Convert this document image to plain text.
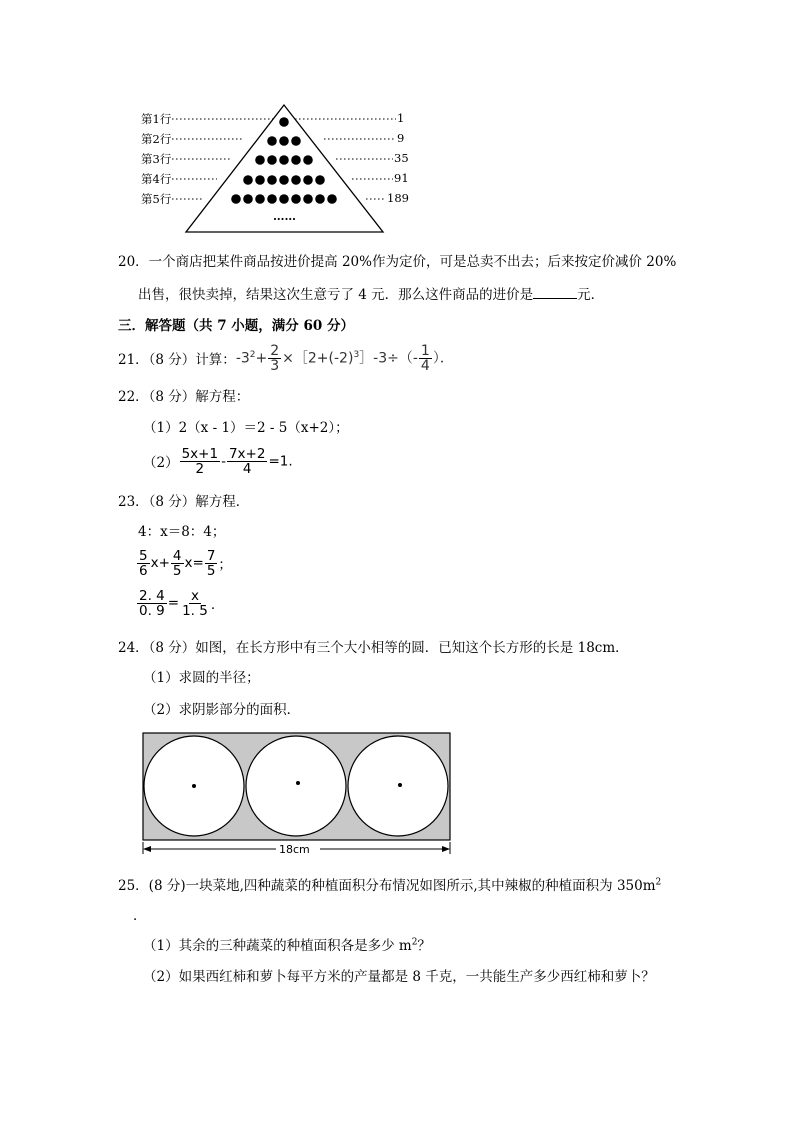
第1行
第2行
第3行
第4行
第5行
1
9
35
91
189
……
20．一个商店把某件商品按进价提高 20%作为定价，可是总卖不出去；后来按定价减价 20%
出售，很快卖掉，结果这次生意亏了 4 元．那么这件商品的进价是	元．
三．解答题（共 7 小题，满分 60 分）
21．（8 分）计算： $-3^2+ \frac{2}{3}$ $\times[2+(-2)^3]-3\div(- \frac{1}{4}$ ）．
22．（8 分）解方程：
（1）2（x - 1）＝2 - 5（x+2）；
$(2) \frac{5x+1}{2} - \frac{7x+2}{4} =1$.
23．（8 分）解方程．
4：x＝8：4；
$\frac{5}{6} x+ \frac{4}{5} x= \frac{7}{5}$ ；
$\frac{2. 4}{0. 9} = \frac{x}{1. 5}$ ．
24．（8 分）如图，在长方形中有三个大小相等的圆．已知这个长方形的长是 18cm．
（1）求圆的半径；
（2）求阴影部分的面积．
18cm
25．(8 分)一块菜地,四种蔬菜的种植面积分布情况如图所示,其中辣椒的种植面积为 $350m^2$
．
（1）其余的三种蔬菜的种植面积各是多少 $m^2$？
（2）如果西红柿和萝卜每平方米的产量都是 8 千克，一共能生产多少西红柿和萝卜？
